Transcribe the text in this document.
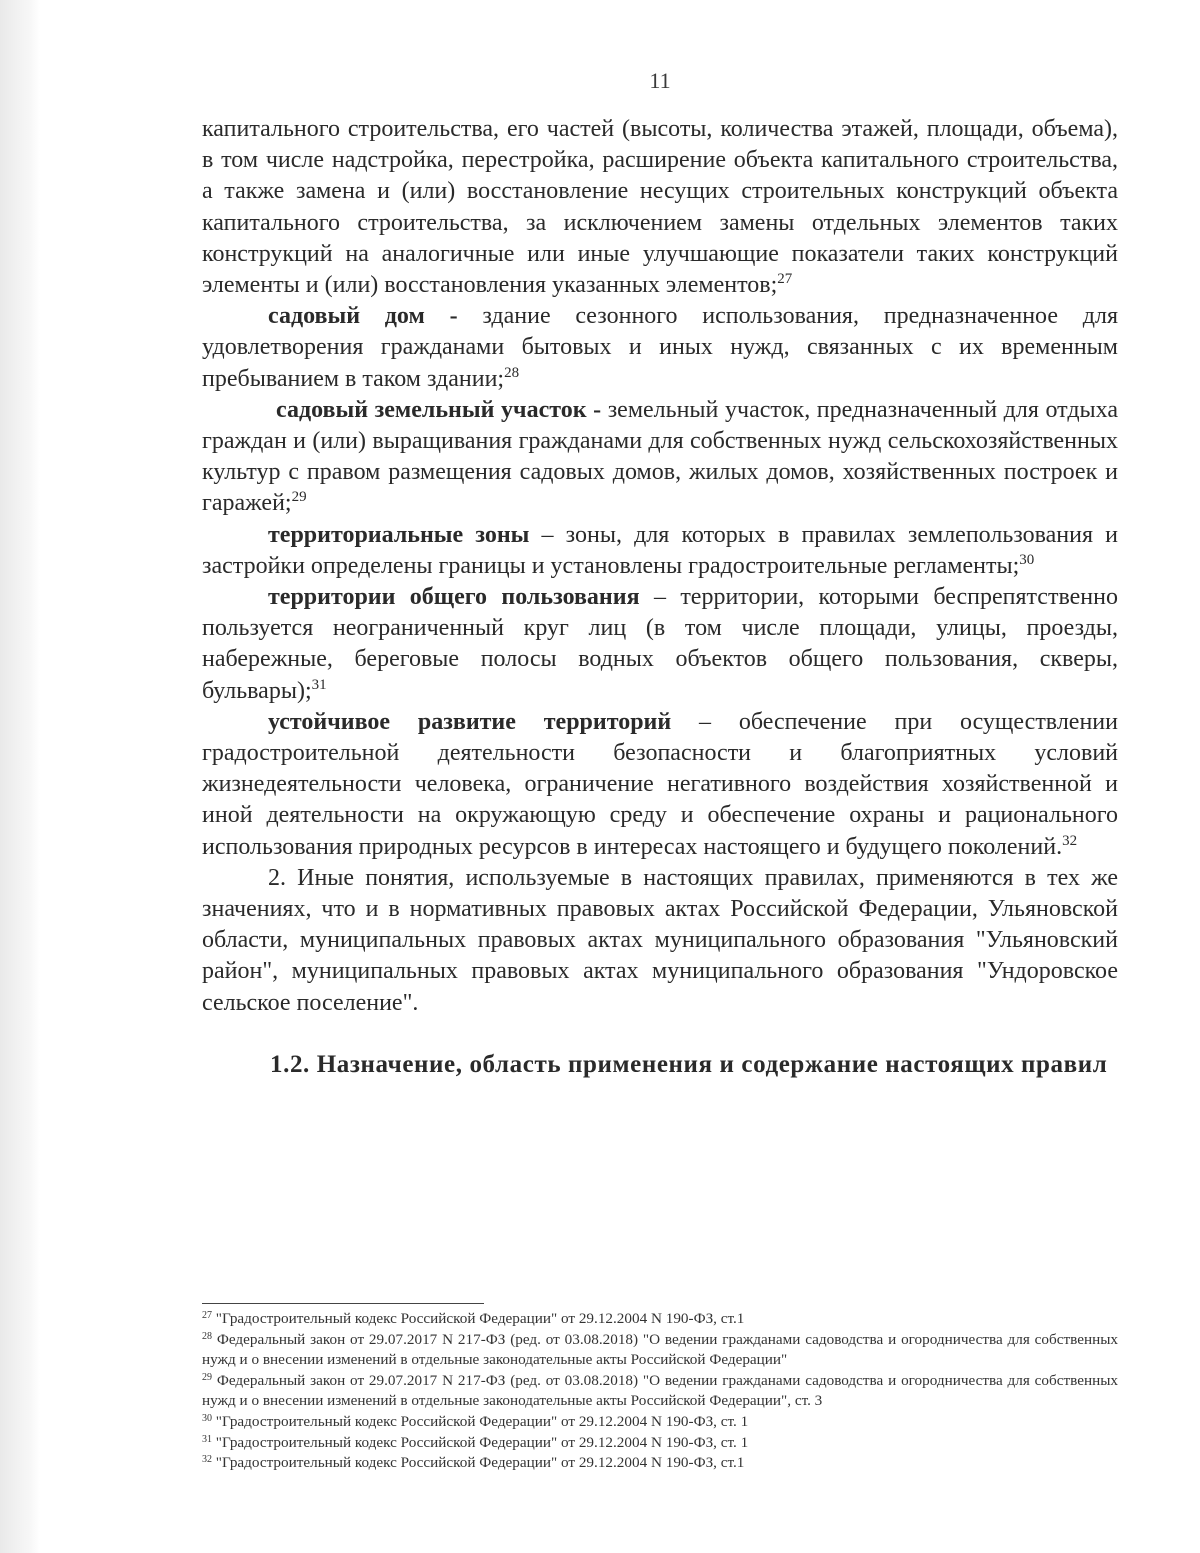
11

капитального строительства, его частей (высоты, количества этажей, площади, объема), в том числе надстройка, перестройка, расширение объекта капитального строительства, а также замена и (или) восстановление несущих строительных конструкций объекта капитального строительства, за исключением замены отдельных элементов таких конструкций на аналогичные или иные улучшающие показатели таких конструкций элементы и (или) восстановления указанных элементов;$^{27}$

садовый дом - здание сезонного использования, предназначенное для удовлетворения гражданами бытовых и иных нужд, связанных с их временным пребыванием в таком здании;$^{28}$

садовый земельный участок - земельный участок, предназначенный для отдыха граждан и (или) выращивания гражданами для собственных нужд сельскохозяйственных культур с правом размещения садовых домов, жилых домов, хозяйственных построек и гаражей;$^{29}$

территориальные зоны – зоны, для которых в правилах землепользования и застройки определены границы и установлены градостроительные регламенты;$^{30}$

территории общего пользования – территории, которыми беспрепятственно пользуется неограниченный круг лиц (в том числе площади, улицы, проезды, набережные, береговые полосы водных объектов общего пользования, скверы, бульвары);$^{31}$

устойчивое развитие территорий – обеспечение при осуществлении градостроительной деятельности безопасности и благоприятных условий жизнедеятельности человека, ограничение негативного воздействия хозяйственной и иной деятельности на окружающую среду и обеспечение охраны и рационального использования природных ресурсов в интересах настоящего и будущего поколений.$^{32}$

2. Иные понятия, используемые в настоящих правилах, применяются в тех же значениях, что и в нормативных правовых актах Российской Федерации, Ульяновской области, муниципальных правовых актах муниципального образования "Ульяновский район", муниципальных правовых актах муниципального образования "Ундоровское сельское поселение".

1.2. Назначение, область применения и содержание настоящих правил

$^{27}$ "Градостроительный кодекс Российской Федерации" от 29.12.2004 N 190-ФЗ, ст.1

$^{28}$ Федеральный закон от 29.07.2017 N 217-ФЗ (ред. от 03.08.2018) "О ведении гражданами садоводства и огородничества для собственных нужд и о внесении изменений в отдельные законодательные акты Российской Федерации"

$^{29}$ Федеральный закон от 29.07.2017 N 217-ФЗ (ред. от 03.08.2018) "О ведении гражданами садоводства и огородничества для собственных нужд и о внесении изменений в отдельные законодательные акты Российской Федерации", ст. 3

$^{30}$ "Градостроительный кодекс Российской Федерации" от 29.12.2004 N 190-ФЗ, ст. 1

$^{31}$ "Градостроительный кодекс Российской Федерации" от 29.12.2004 N 190-ФЗ, ст. 1

$^{32}$ "Градостроительный кодекс Российской Федерации" от 29.12.2004 N 190-ФЗ, ст.1
